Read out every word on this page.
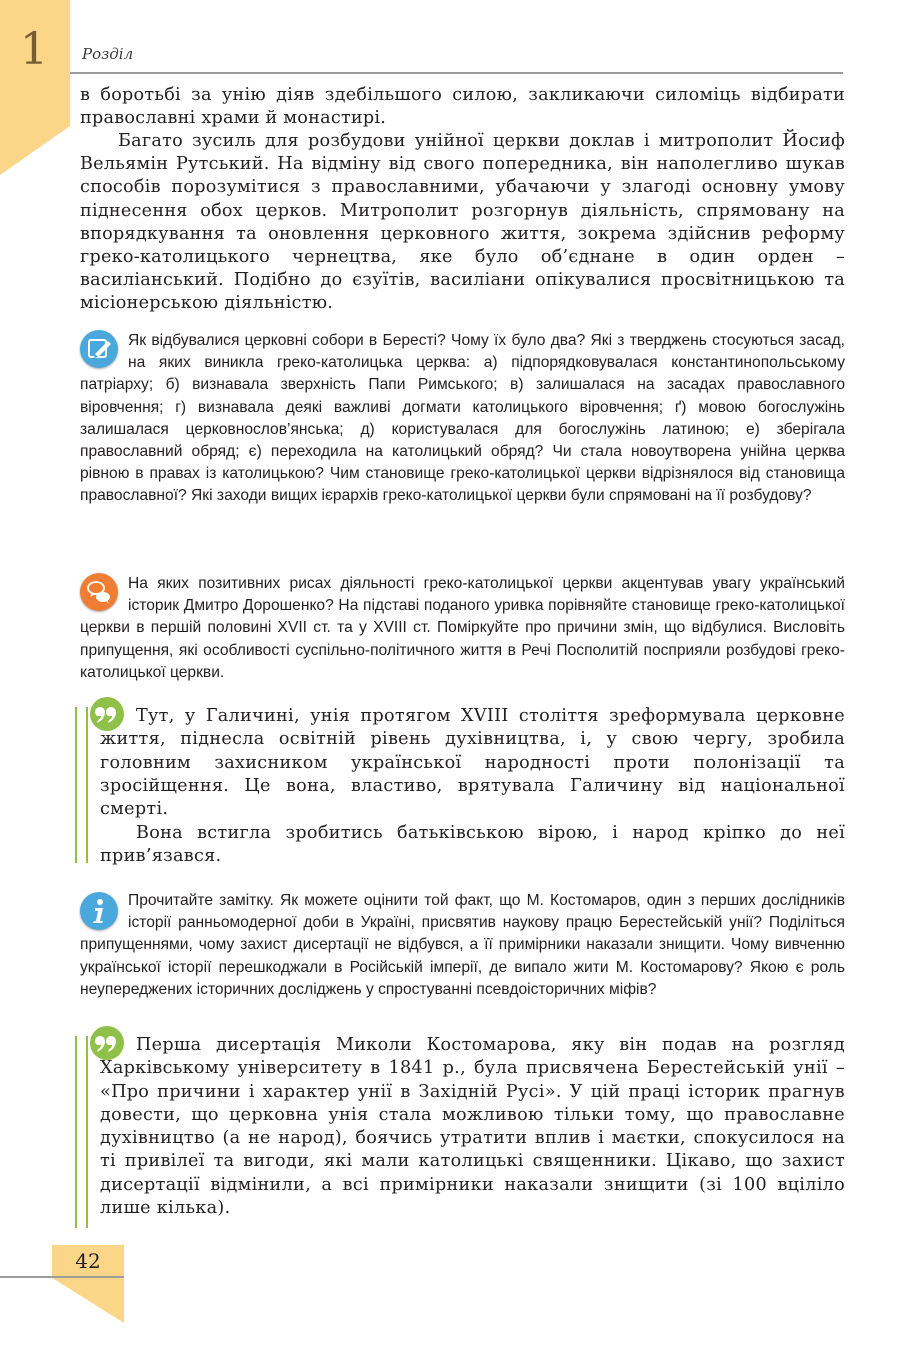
1	Розділ

в боротьбі за унію діяв здебільшого силою, закликаючи силоміць відбирати православні храми й монастирі.

Багато зусиль для розбудови унійної церкви доклав і митрополит Йосиф Вельямін Рутський. На відміну від свого попередника, він наполегливо шукав способів порозумітися з православними, убачаючи у злагоді основну умову піднесення обох церков. Митрополит розгорнув діяльність, спрямовану на впорядкування та оновлення церковного життя, зокрема здійснив реформу греко-католицького чернецтва, яке було об’єднане в один орден – василіанський. Подібно до єзуїтів, василіани опікувалися просвітницькою та місіонерською діяльністю.

Як відбувалися церковні собори в Бересті? Чому їх було два? Які з тверджень стосуються засад, на яких виникла греко-католицька церква: а) підпорядковувалася константинопольському патріарху; б) визнавала зверхність Папи Римського; в) залишалася на засадах православного віровчення; г) визнавала деякі важливі догмати католицького віровчення; ґ) мовою богослужінь залишалася церковнослов’янська; д) користувалася для богослужінь латиною; е) зберігала православний обряд; є) переходила на католицький обряд? Чи стала новоутворена унійна церква рівною в правах із католицькою? Чим становище греко-католицької церкви відрізнялося від становища православної? Які заходи вищих ієрархів греко-католицької церкви були спрямовані на її розбудову?

На яких позитивних рисах діяльності греко-католицької церкви акцентував увагу український історик Дмитро Дорошенко? На підставі поданого уривка порівняйте становище греко-католицької церкви в першій половині XVII ст. та у XVIII ст. Поміркуйте про причини змін, що відбулися. Висловіть припущення, які особливості суспільно-політичного життя в Речі Посполитій посприяли розбудові греко-католицької церкви.

Тут, у Галичині, унія протягом XVIII століття зреформувала церковне життя, піднесла освітній рівень духівництва, і, у свою чергу, зробила головним захисником української народності проти полонізації та зросійщення. Це вона, властиво, врятувала Галичину від національної смерті.

Вона встигла зробитись батьківською вірою, і народ кріпко до неї прив’язався.

Прочитайте замітку. Як можете оцінити той факт, що М. Костомаров, один з перших дослідників історії ранньомодерної доби в Україні, присвятив наукову працю Берестейській унії? Поділіться припущеннями, чому захист дисертації не відбувся, а її примірники наказали знищити. Чому вивченню української історії перешкоджали в Російській імперії, де випало жити М. Костомарову? Якою є роль неупереджених історичних досліджень у спростуванні псевдоісторичних міфів?

Перша дисертація Миколи Костомарова, яку він подав на розгляд Харківському університету в 1841 р., була присвячена Берестейській унії – «Про причини і характер унії в Західній Русі». У цій праці історик прагнув довести, що церковна унія стала можливою тільки тому, що православне духівництво (а не народ), боячись утратити вплив і маєтки, спокусилося на ті привілеї та вигоди, які мали католицькі священники. Цікаво, що захист дисертації відмінили, а всі примірники наказали знищити (зі 100 вціліло лише кілька).

42
